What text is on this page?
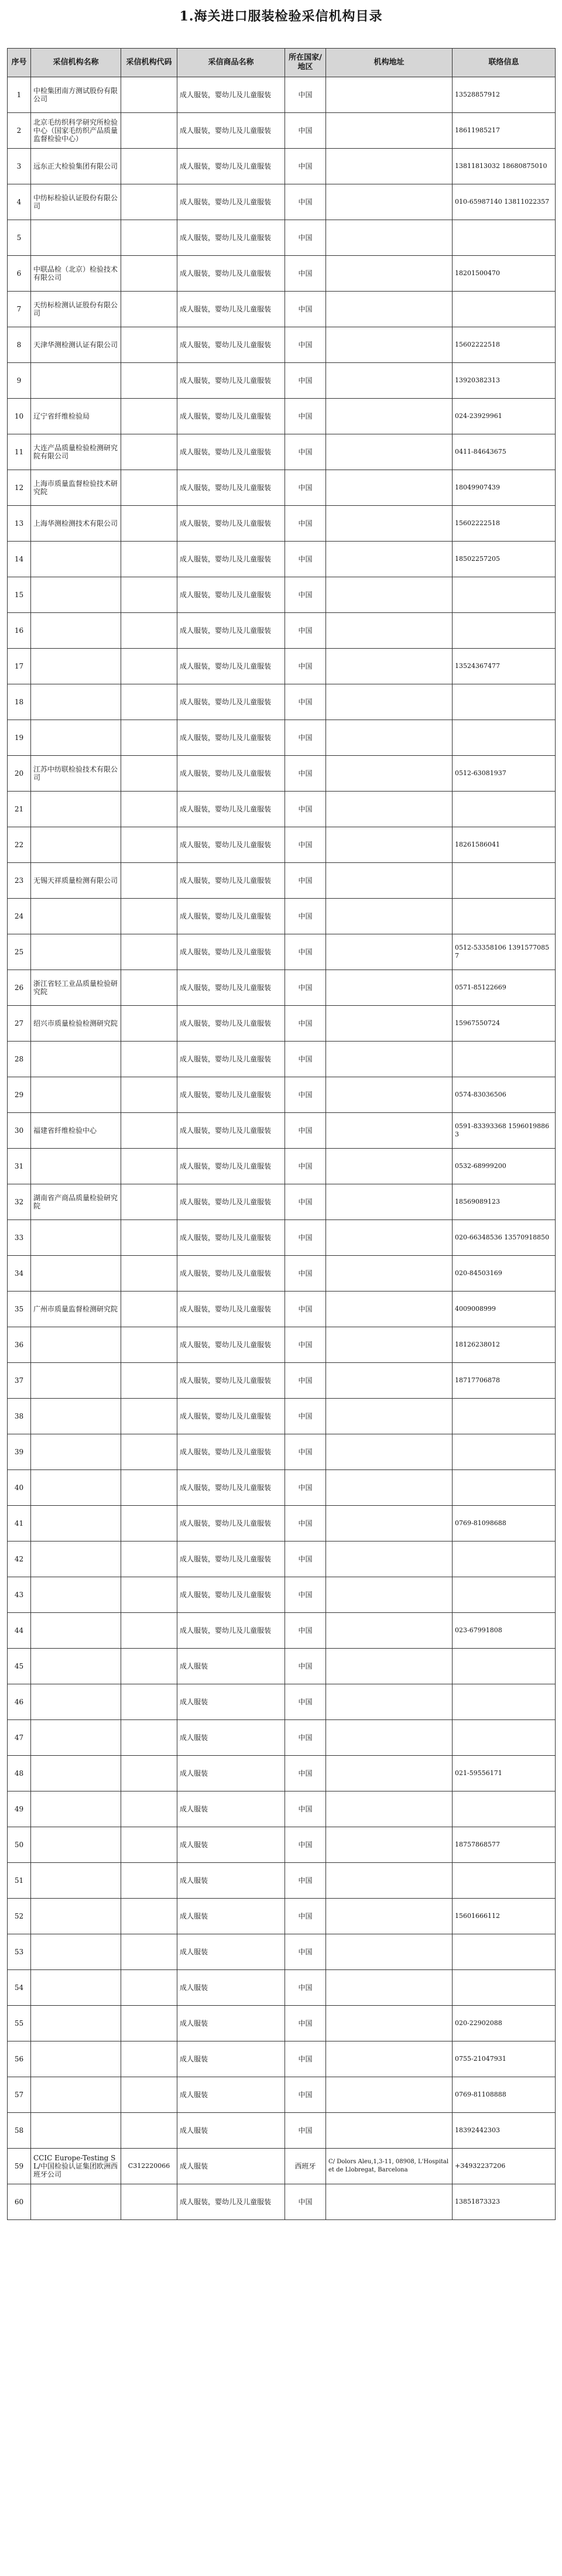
1.海关进口服装检验采信机构目录
序号	采信机构名称	采信机构代码	采信商品名称	所在国家/地区	机构地址	联络信息
1	中检集团南方测试股份有限公司		成人服装，婴幼儿及儿童服装	中国		13528857912
2	北京毛纺织科学研究所检验中心（国家毛纺织产品质量监督检验中心）		成人服装，婴幼儿及儿童服装	中国		18611985217
3	远东正大检验集团有限公司		成人服装，婴幼儿及儿童服装	中国		13811813032 18680875010
4	中纺标检验认证股份有限公司		成人服装，婴幼儿及儿童服装	中国		010-65987140 13811022357
5			成人服装，婴幼儿及儿童服装	中国		
6	中联品检（北京）检验技术有限公司		成人服装，婴幼儿及儿童服装	中国		18201500470
7	天纺标检测认证股份有限公司		成人服装，婴幼儿及儿童服装	中国		
8	天津华测检测认证有限公司		成人服装，婴幼儿及儿童服装	中国		15602222518
9			成人服装，婴幼儿及儿童服装	中国		13920382313
10	辽宁省纤维检验局		成人服装，婴幼儿及儿童服装	中国		024-23929961
11	大连产品质量检验检测研究院有限公司		成人服装，婴幼儿及儿童服装	中国		0411-84643675
12	上海市质量监督检验技术研究院		成人服装，婴幼儿及儿童服装	中国		18049907439
13	上海华测检测技术有限公司		成人服装，婴幼儿及儿童服装	中国		15602222518
14			成人服装，婴幼儿及儿童服装	中国		18502257205
15			成人服装，婴幼儿及儿童服装	中国		
16			成人服装，婴幼儿及儿童服装	中国		
17			成人服装，婴幼儿及儿童服装	中国		13524367477
18			成人服装，婴幼儿及儿童服装	中国		
19			成人服装，婴幼儿及儿童服装	中国		
20	江苏中纺联检验技术有限公司		成人服装，婴幼儿及儿童服装	中国		0512-63081937
21			成人服装，婴幼儿及儿童服装	中国		
22			成人服装，婴幼儿及儿童服装	中国		18261586041
23	无锡天祥质量检测有限公司		成人服装，婴幼儿及儿童服装	中国		
24			成人服装，婴幼儿及儿童服装	中国		
25			成人服装，婴幼儿及儿童服装	中国		0512-53358106 13915770857
26	浙江省轻工业品质量检验研究院		成人服装，婴幼儿及儿童服装	中国		0571-85122669
27	绍兴市质量检验检测研究院		成人服装，婴幼儿及儿童服装	中国		15967550724
28			成人服装，婴幼儿及儿童服装	中国		
29			成人服装，婴幼儿及儿童服装	中国		0574-83036506
30	福建省纤维检验中心		成人服装，婴幼儿及儿童服装	中国		0591-83393368 15960198863
31			成人服装，婴幼儿及儿童服装	中国		0532-68999200
32	湖南省产商品质量检验研究院		成人服装，婴幼儿及儿童服装	中国		18569089123
33			成人服装，婴幼儿及儿童服装	中国		020-66348536 13570918850
34			成人服装，婴幼儿及儿童服装	中国		020-84503169
35	广州市质量监督检测研究院		成人服装，婴幼儿及儿童服装	中国		4009008999
36			成人服装，婴幼儿及儿童服装	中国		18126238012
37			成人服装，婴幼儿及儿童服装	中国		18717706878
38			成人服装，婴幼儿及儿童服装	中国		
39			成人服装，婴幼儿及儿童服装	中国		
40			成人服装，婴幼儿及儿童服装	中国		
41			成人服装，婴幼儿及儿童服装	中国		0769-81098688
42			成人服装，婴幼儿及儿童服装	中国		
43			成人服装，婴幼儿及儿童服装	中国		
44			成人服装，婴幼儿及儿童服装	中国		023-67991808
45			成人服装	中国		
46			成人服装	中国		
47			成人服装	中国		
48			成人服装	中国		021-59556171
49			成人服装	中国		
50			成人服装	中国		18757868577
51			成人服装	中国		
52			成人服装	中国		15601666112
53			成人服装	中国		
54			成人服装	中国		
55			成人服装	中国		020-22902088
56			成人服装	中国		0755-21047931
57			成人服装	中国		0769-81108888
58			成人服装	中国		18392442303
59	CCIC Europe-Testing SL/中国检验认证集团欧洲西班牙公司	C312220066	成人服装	西班牙	C/ Dolors Aleu,1,3-11, 08908, L'Hospitalet de Llobregat, Barcelona	+34932237206
60			成人服装，婴幼儿及儿童服装	中国		13851873323
